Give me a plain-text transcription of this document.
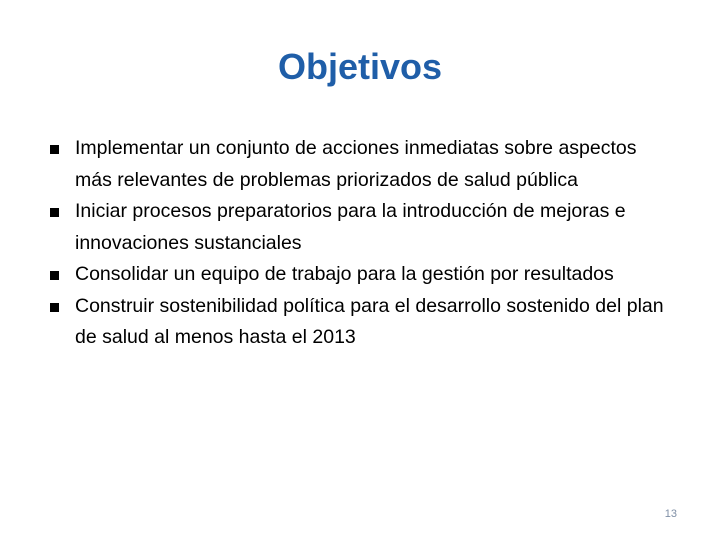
Objetivos
Implementar un conjunto de acciones inmediatas sobre aspectos más relevantes de problemas priorizados de salud pública
Iniciar procesos preparatorios para la introducción de mejoras e innovaciones sustanciales
Consolidar un equipo de trabajo para la gestión por resultados
Construir sostenibilidad política para el desarrollo sostenido del plan de salud al menos hasta el 2013
13
